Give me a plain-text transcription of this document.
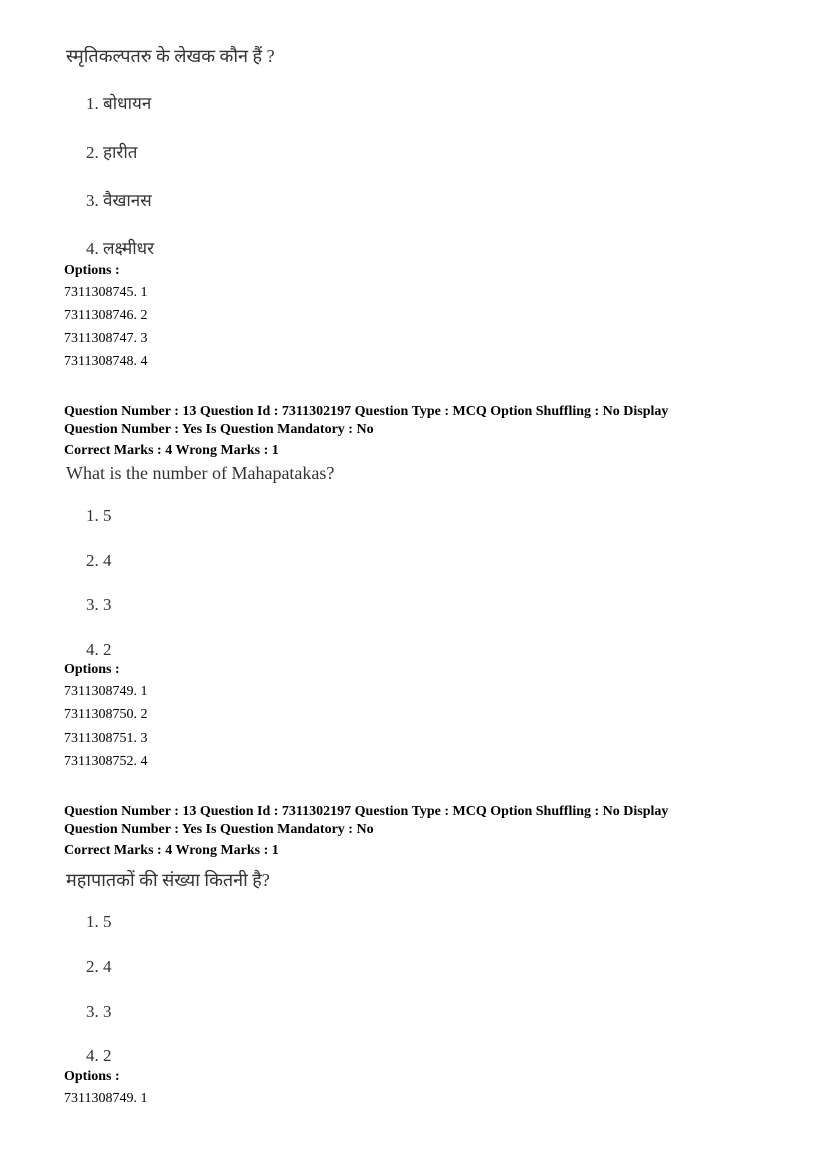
स्मृतिकल्पतरु के लेखक कौन हैं ?
1. बोधायन
2. हारीत
3. वैखानस
4. लक्ष्मीधर
Options :
7311308745. 1
7311308746. 2
7311308747. 3
7311308748. 4
Question Number : 13 Question Id : 7311302197 Question Type : MCQ Option Shuffling : No Display
Question Number : Yes Is Question Mandatory : No
Correct Marks : 4 Wrong Marks : 1
What is the number of Mahapatakas?
1. 5
2. 4
3. 3
4. 2
Options :
7311308749. 1
7311308750. 2
7311308751. 3
7311308752. 4
Question Number : 13 Question Id : 7311302197 Question Type : MCQ Option Shuffling : No Display
Question Number : Yes Is Question Mandatory : No
Correct Marks : 4 Wrong Marks : 1
महापातकों की संख्या कितनी है?
1. 5
2. 4
3. 3
4. 2
Options :
7311308749. 1
